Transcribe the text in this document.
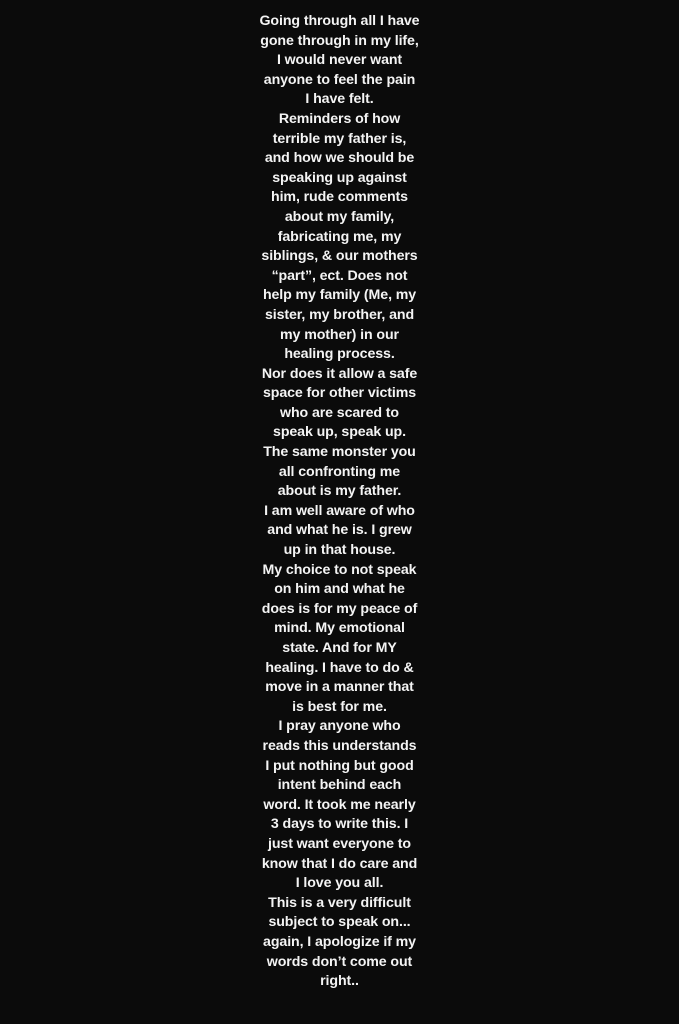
Going through all I have
gone through in my life,
I would never want
anyone to feel the pain
I have felt.
Reminders of how
terrible my father is,
and how we should be
speaking up against
him, rude comments
about my family,
fabricating me, my
siblings, & our mothers
“part”, ect. Does not
help my family (Me, my
sister, my brother, and
my mother) in our
healing process.
Nor does it allow a safe
space for other victims
who are scared to
speak up, speak up.
The same monster you
all confronting me
about is my father.
I am well aware of who
and what he is. I grew
up in that house.
My choice to not speak
on him and what he
does is for my peace of
mind. My emotional
state. And for MY
healing. I have to do &
move in a manner that
is best for me.
I pray anyone who
reads this understands
I put nothing but good
intent behind each
word. It took me nearly
3 days to write this. I
just want everyone to
know that I do care and
I love you all.
This is a very difficult
subject to speak on...
again, I apologize if my
words don’t come out
right..
